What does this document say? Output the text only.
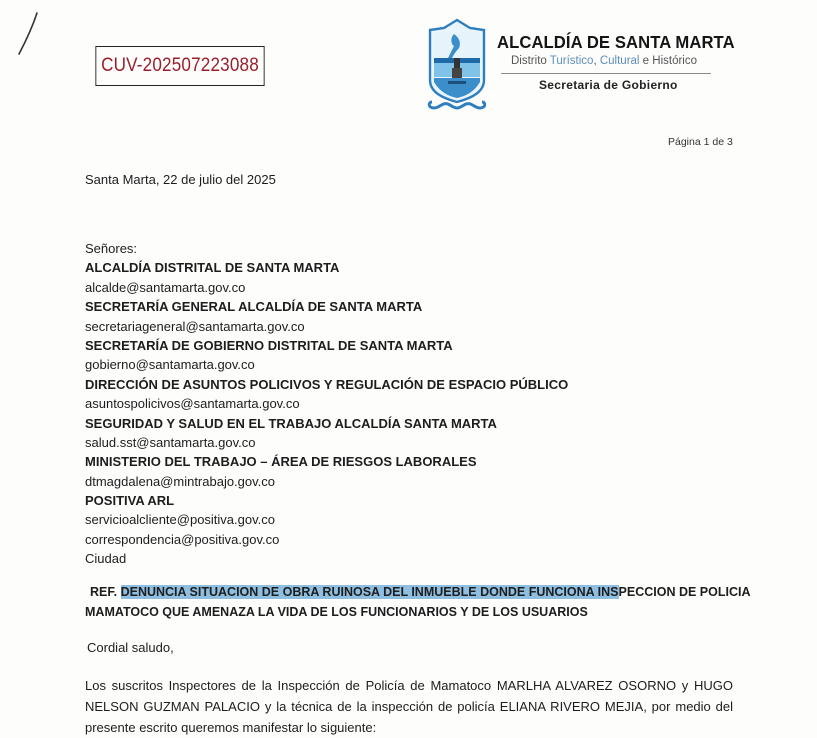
CUV-202507223088
ALCALDÍA DE SANTA MARTA
Distrito Turístico, Cultural e Histórico
Secretaria de Gobierno
Página 1 de 3
Santa Marta, 22 de julio del 2025
Señores:
ALCALDÍA DISTRITAL DE SANTA MARTA
alcalde@santamarta.gov.co
SECRETARÍA GENERAL ALCALDÍA DE SANTA MARTA
secretariageneral@santamarta.gov.co
SECRETARÍA DE GOBIERNO DISTRITAL DE SANTA MARTA
gobierno@santamarta.gov.co
DIRECCIÓN DE ASUNTOS POLICIVOS Y REGULACIÓN DE ESPACIO PÚBLICO
asuntospolicivos@santamarta.gov.co
SEGURIDAD Y SALUD EN EL TRABAJO ALCALDÍA SANTA MARTA
salud.sst@santamarta.gov.co
MINISTERIO DEL TRABAJO – ÁREA DE RIESGOS LABORALES
dtmagdalena@mintrabajo.gov.co
POSITIVA ARL
servicioalcliente@positiva.gov.co
correspondencia@positiva.gov.co
Ciudad
REF. DENUNCIA SITUACION DE OBRA RUINOSA DEL INMUEBLE DONDE FUNCIONA INSPECCION DE POLICIA
MAMATOCO QUE AMENAZA LA VIDA DE LOS FUNCIONARIOS Y DE LOS USUARIOS
Cordial saludo,
Los suscritos Inspectores de la Inspección de Policía de Mamatoco MARLHA ALVAREZ OSORNO y HUGO
NELSON GUZMAN PALACIO y la técnica de la inspección de policía ELIANA RIVERO MEJIA, por medio del
presente escrito queremos manifestar lo siguiente:
